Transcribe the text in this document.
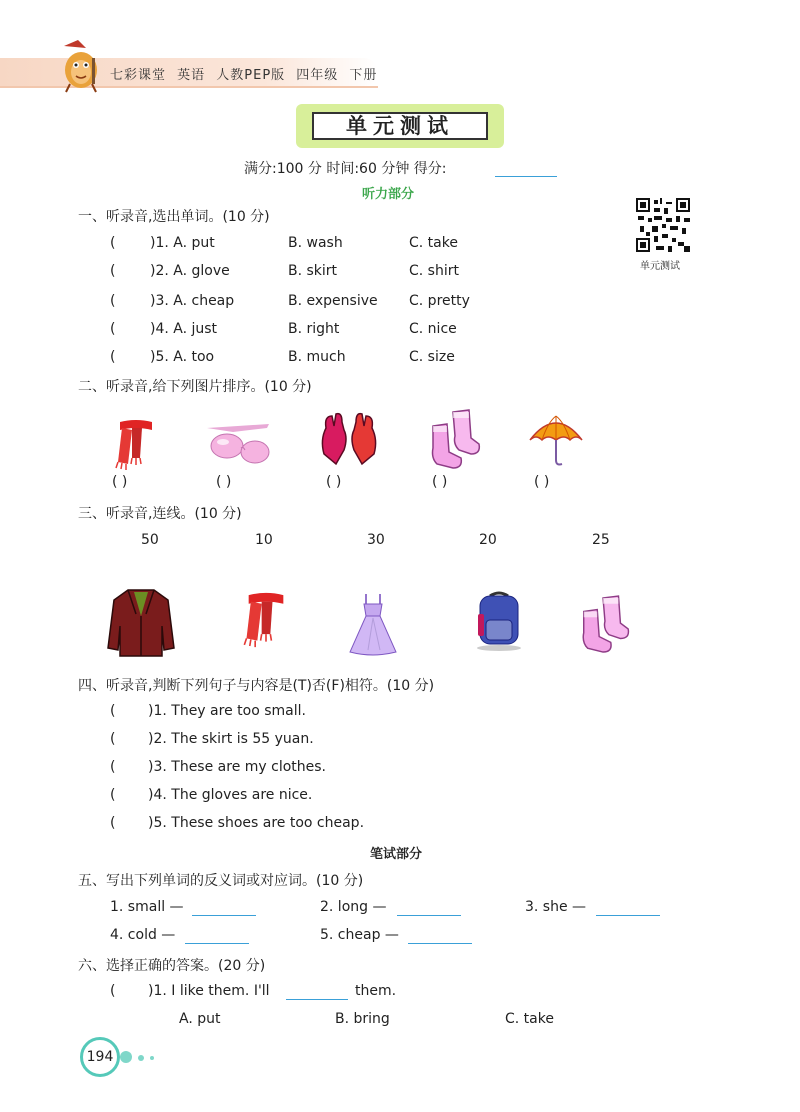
七彩课堂 英语 人教PEP版 四年级 下册
单元测试
满分:100 分 时间:60 分钟 得分:
听力部分
单元测试
一、听录音,选出单词。(10 分)
( )1. A. put	B. wash	C. take
( )2. A. glove	B. skirt	C. shirt
( )3. A. cheap	B. expensive C. pretty
( )4. A. just	B. right	C. nice
( )5. A. too	B. much	C. size
二、听录音,给下列图片排序。(10 分)
( )	( )	( )	( )	( )
三、听录音,连线。(10 分)
50	10	30	20	25
四、听录音,判断下列句子与内容是(T)否(F)相符。(10 分)
( )1. They are too small.
( )2. The skirt is 55 yuan.
( )3. These are my clothes.
( )4. The gloves are nice.
( )5. These shoes are too cheap.
笔试部分
五、写出下列单词的反义词或对应词。(10 分)
1. small —	2. long —	3. she —
4. cold —	5. cheap —
六、选择正确的答案。(20 分)
( )1. I like them. I'll	them.
A. put	B. bring	C. take
194
